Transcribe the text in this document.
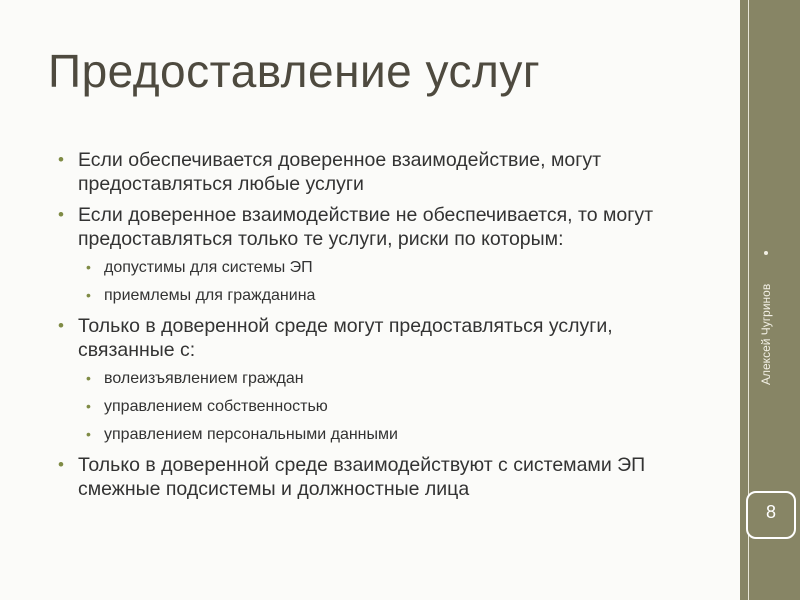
Предоставление услуг
• Если обеспечивается доверенное взаимодействие, могут предоставляться любые услуги
• Если доверенное взаимодействие не обеспечивается, то могут предоставляться только те услуги, риски по которым:
• допустимы для системы ЭП
• приемлемы для гражданина
• Только в доверенной среде могут предоставляться услуги, связанные с:
• волеизъявлением граждан
• управлением собственностью
• управлением персональными данными
• Только в доверенной среде взаимодействуют с системами ЭП смежные подсистемы и должностные лица
Алексей Чугринов
8
